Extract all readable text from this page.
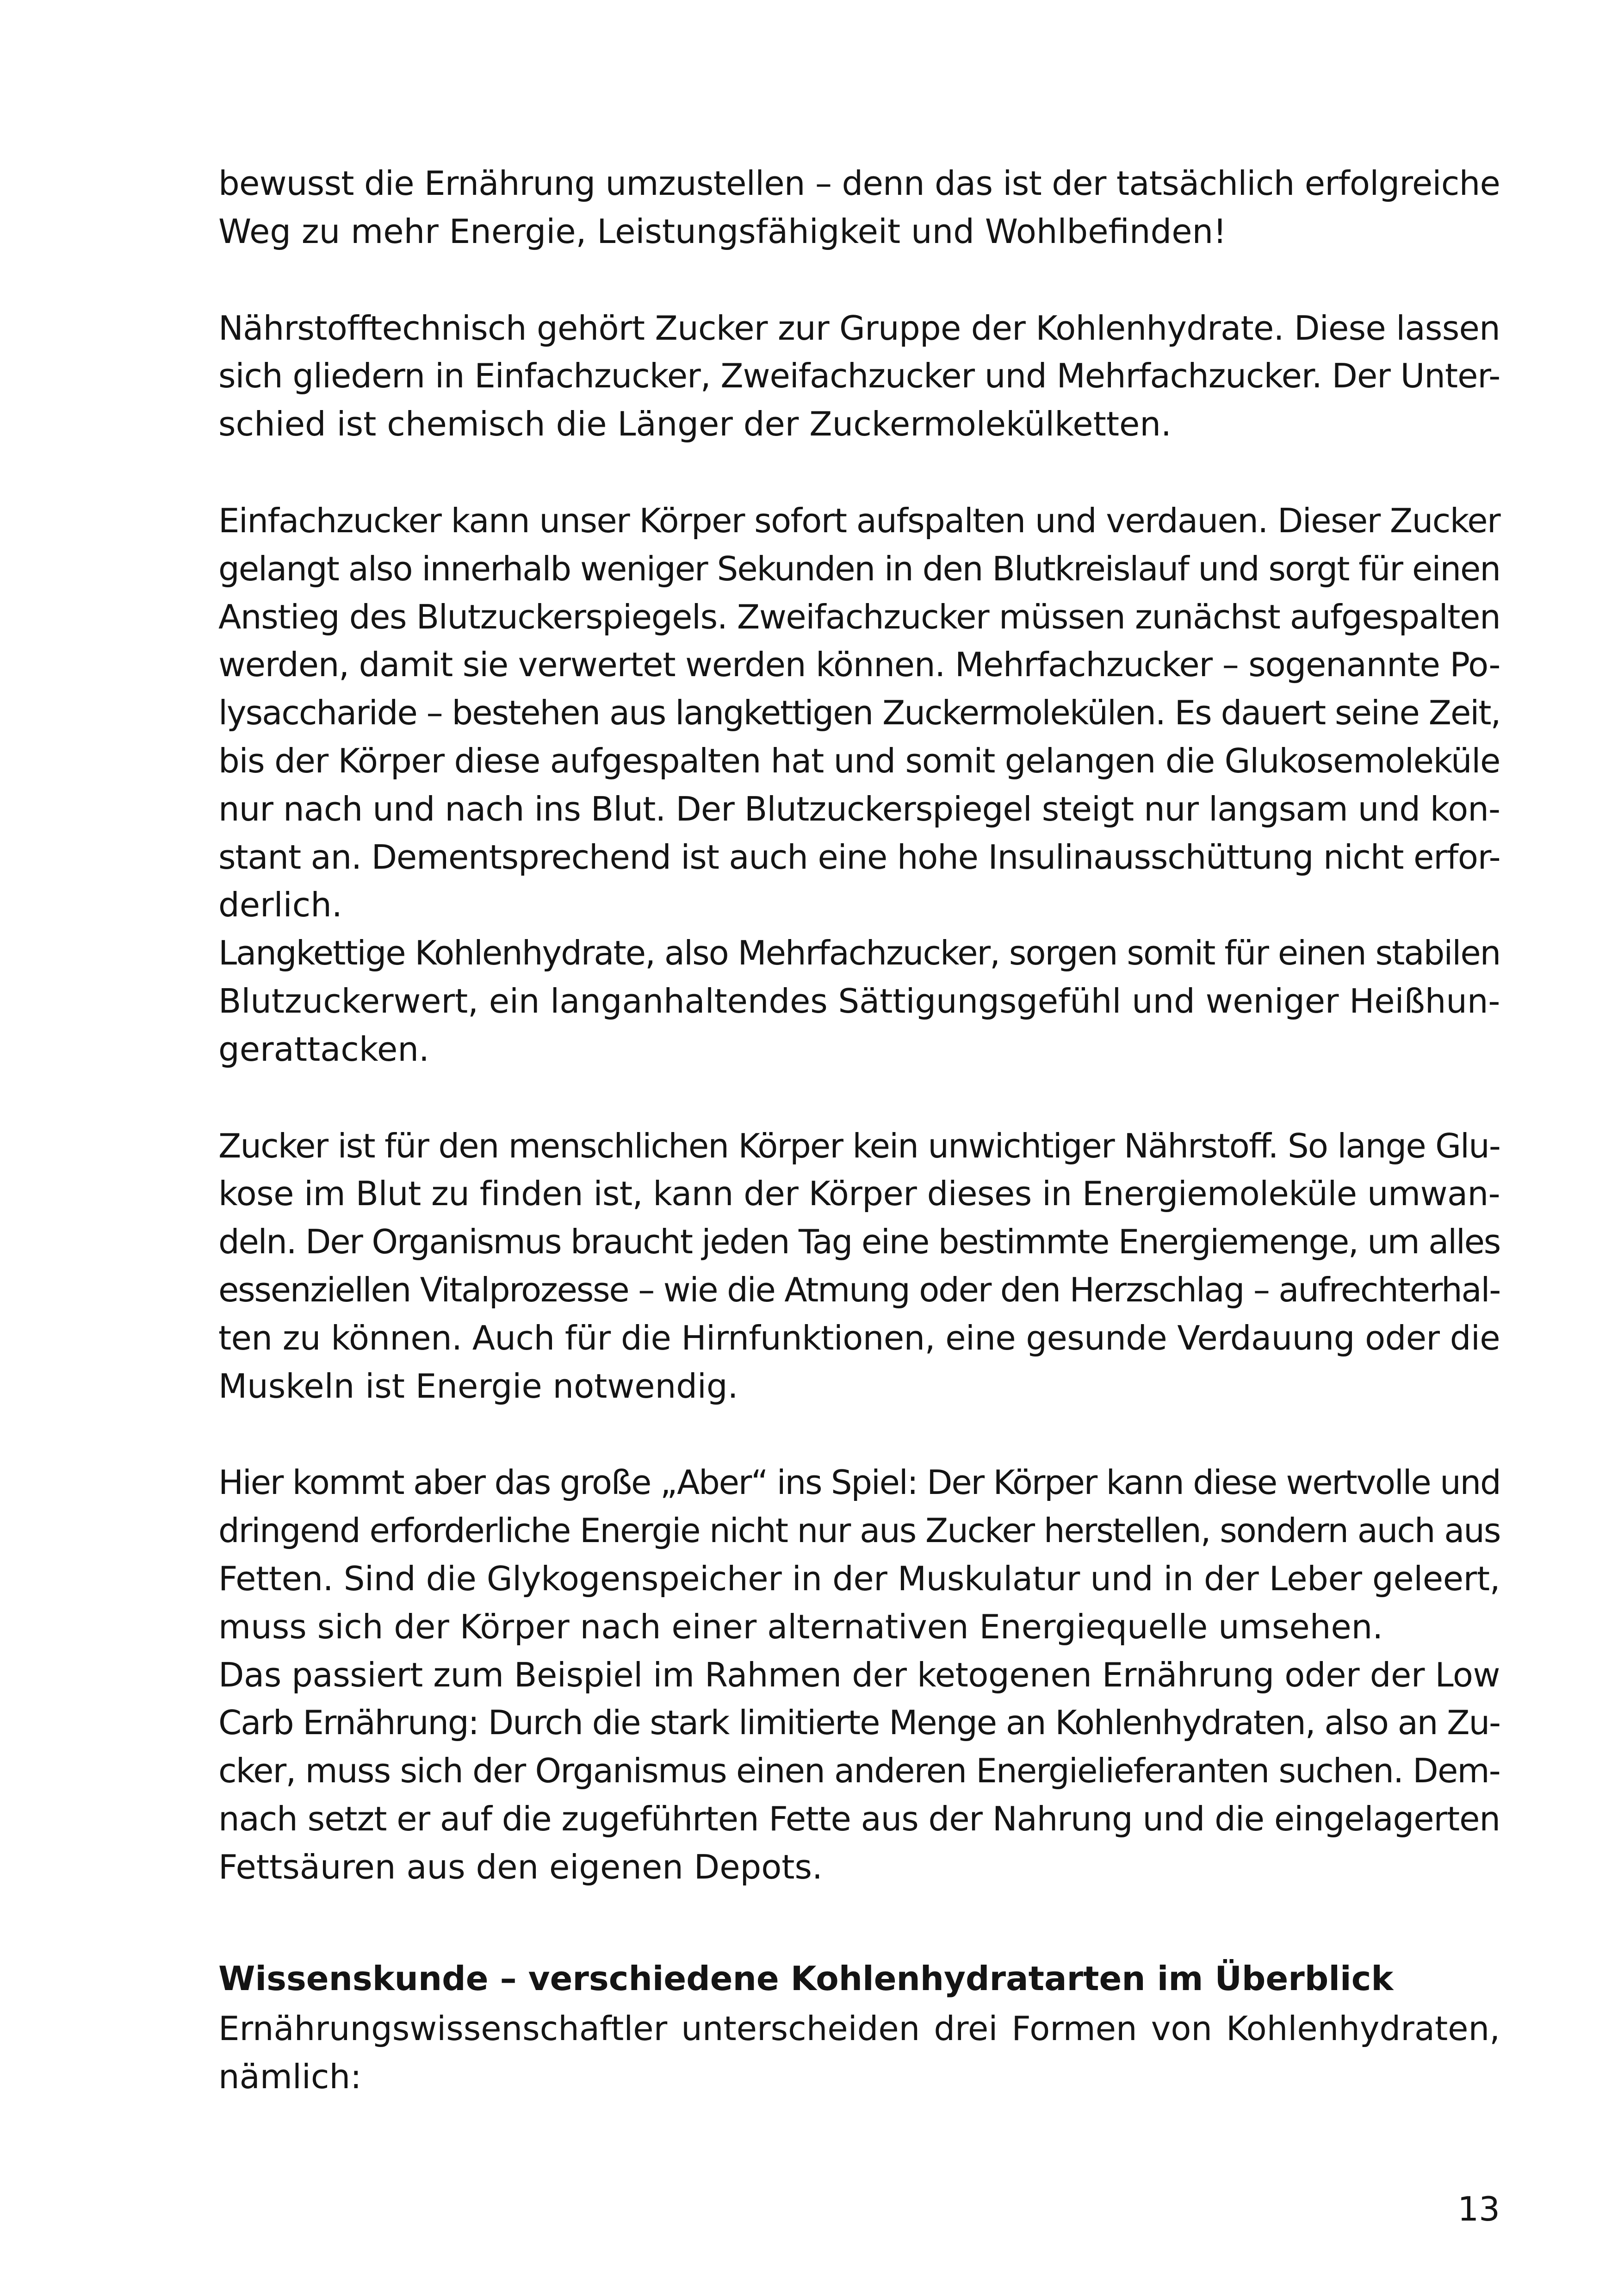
bewusst die Ernährung umzustellen – denn das ist der tatsächlich erfolgreiche
Weg zu mehr Energie, Leistungsfähigkeit und Wohlbefinden!
Nährstofftechnisch gehört Zucker zur Gruppe der Kohlenhydrate. Diese lassen
sich gliedern in Einfachzucker, Zweifachzucker und Mehrfachzucker. Der Unter-
schied ist chemisch die Länger der Zuckermolekülketten.
Einfachzucker kann unser Körper sofort aufspalten und verdauen. Dieser Zucker
gelangt also innerhalb weniger Sekunden in den Blutkreislauf und sorgt für einen
Anstieg des Blutzuckerspiegels. Zweifachzucker müssen zunächst aufgespalten
werden, damit sie verwertet werden können. Mehrfachzucker – sogenannte Po-
lysaccharide – bestehen aus langkettigen Zuckermolekülen. Es dauert seine Zeit,
bis der Körper diese aufgespalten hat und somit gelangen die Glukosemoleküle
nur nach und nach ins Blut. Der Blutzuckerspiegel steigt nur langsam und kon-
stant an. Dementsprechend ist auch eine hohe Insulinausschüttung nicht erfor-
derlich.
Langkettige Kohlenhydrate, also Mehrfachzucker, sorgen somit für einen stabilen
Blutzuckerwert, ein langanhaltendes Sättigungsgefühl und weniger Heißhun-
gerattacken.
Zucker ist für den menschlichen Körper kein unwichtiger Nährstoff. So lange Glu-
kose im Blut zu finden ist, kann der Körper dieses in Energiemoleküle umwan-
deln. Der Organismus braucht jeden Tag eine bestimmte Energiemenge, um alles
essenziellen Vitalprozesse – wie die Atmung oder den Herzschlag – aufrechterhal-
ten zu können. Auch für die Hirnfunktionen, eine gesunde Verdauung oder die
Muskeln ist Energie notwendig.
Hier kommt aber das große „Aber“ ins Spiel: Der Körper kann diese wertvolle und
dringend erforderliche Energie nicht nur aus Zucker herstellen, sondern auch aus
Fetten. Sind die Glykogenspeicher in der Muskulatur und in der Leber geleert,
muss sich der Körper nach einer alternativen Energiequelle umsehen.
Das passiert zum Beispiel im Rahmen der ketogenen Ernährung oder der Low
Carb Ernährung: Durch die stark limitierte Menge an Kohlenhydraten, also an Zu-
cker, muss sich der Organismus einen anderen Energielieferanten suchen. Dem-
nach setzt er auf die zugeführten Fette aus der Nahrung und die eingelagerten
Fettsäuren aus den eigenen Depots.
Wissenskunde – verschiedene Kohlenhydratarten im Überblick
Ernährungswissenschaftler unterscheiden drei Formen von Kohlenhydraten,
nämlich:
13
